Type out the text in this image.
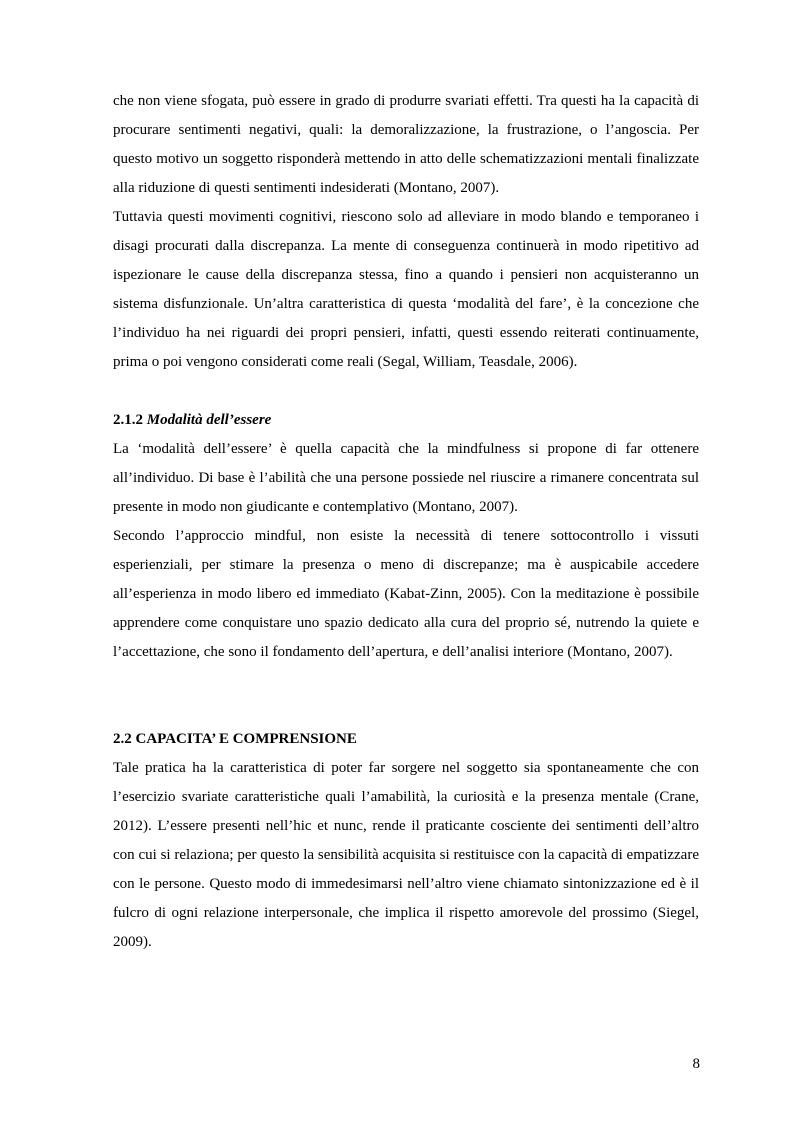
che non viene sfogata, può essere in grado di produrre svariati effetti. Tra questi ha la capacità di procurare sentimenti negativi, quali: la demoralizzazione, la frustrazione, o l’angoscia. Per questo motivo un soggetto risponderà mettendo in atto delle schematizzazioni mentali finalizzate alla riduzione di questi sentimenti indesiderati (Montano, 2007).

Tuttavia questi movimenti cognitivi, riescono solo ad alleviare in modo blando e temporaneo i disagi procurati dalla discrepanza. La mente di conseguenza continuerà in modo ripetitivo ad ispezionare le cause della discrepanza stessa, fino a quando i pensieri non acquisteranno un sistema disfunzionale. Un’altra caratteristica di questa ‘modalità del fare’, è la concezione che l’individuo ha nei riguardi dei propri pensieri, infatti, questi essendo reiterati continuamente, prima o poi vengono considerati come reali (Segal, William, Teasdale, 2006).

2.1.2 Modalità dell’essere

La ‘modalità dell’essere’ è quella capacità che la mindfulness si propone di far ottenere all’individuo. Di base è l’abilità che una persone possiede nel riuscire a rimanere concentrata sul presente in modo non giudicante e contemplativo (Montano, 2007).

Secondo l’approccio mindful, non esiste la necessità di tenere sottocontrollo i vissuti esperienziali, per stimare la presenza o meno di discrepanze; ma è auspicabile accedere all’esperienza in modo libero ed immediato (Kabat-Zinn, 2005). Con la meditazione è possibile apprendere come conquistare uno spazio dedicato alla cura del proprio sé, nutrendo la quiete e l’accettazione, che sono il fondamento dell’apertura, e dell’analisi interiore (Montano, 2007).

2.2 CAPACITA’ E COMPRENSIONE

Tale pratica ha la caratteristica di poter far sorgere nel soggetto sia spontaneamente che con l’esercizio svariate caratteristiche quali l’amabilità, la curiosità e la presenza mentale (Crane, 2012). L’essere presenti nell’hic et nunc, rende il praticante cosciente dei sentimenti dell’altro con cui si relaziona; per questo la sensibilità acquisita si restituisce con la capacità di empatizzare con le persone. Questo modo di immedesimarsi nell’altro viene chiamato sintonizzazione ed è il fulcro di ogni relazione interpersonale, che implica il rispetto amorevole del prossimo (Siegel, 2009).

8
